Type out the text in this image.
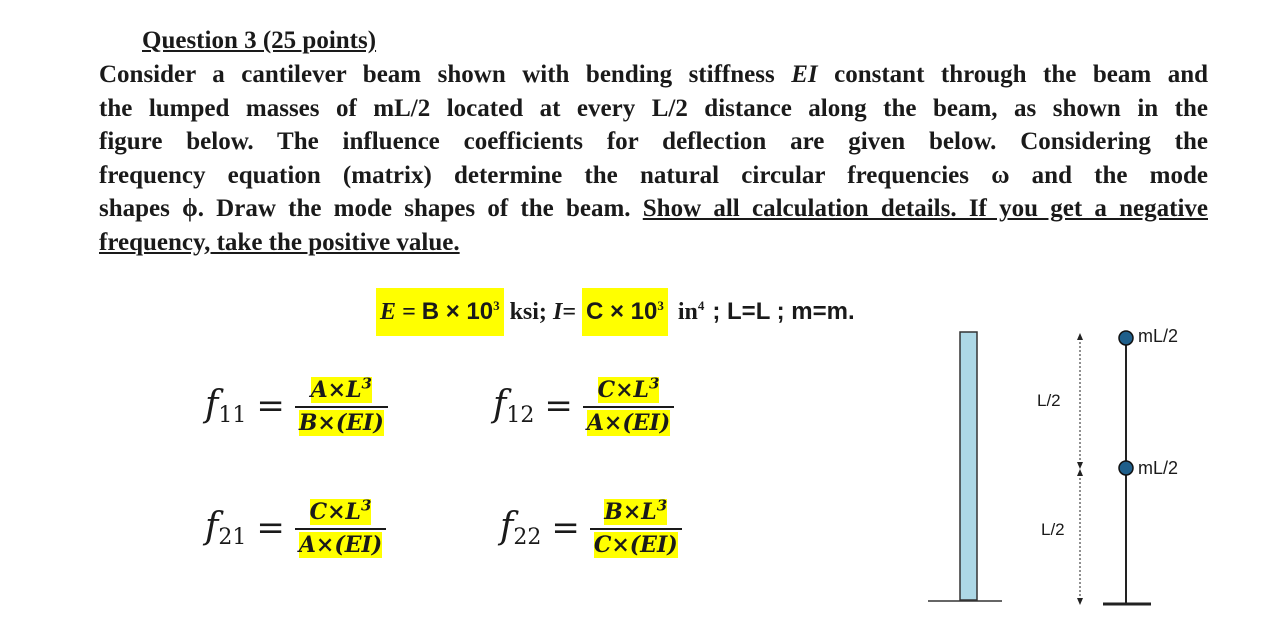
Question 3 (25 points)
Consider a cantilever beam shown with bending stiffness EI constant through the beam and
the lumped masses of mL/2 located at every L/2 distance along the beam, as shown in the
figure below. The influence coefficients for deflection are given below. Considering the
frequency equation (matrix) determine the natural circular frequencies ω and the mode
shapes ϕ. Draw the mode shapes of the beam. Show all calculation details. If you get a negative
frequency, take the positive value.
$E = B \times 10^3$ ksi; $I= C \times 10^3$ $in^4$ ; L=L ; m=m.
$f_{11} = \frac{A\times L^3}{B\times(EI)}$	$f_{12} = \frac{C\times L^3}{A\times(EI)}$
$f_{21} = \frac{C\times L^3}{A\times(EI)}$	$f_{22} = \frac{B\times L^3}{C\times(EI)}$
L/2
L/2
mL/2
mL/2
